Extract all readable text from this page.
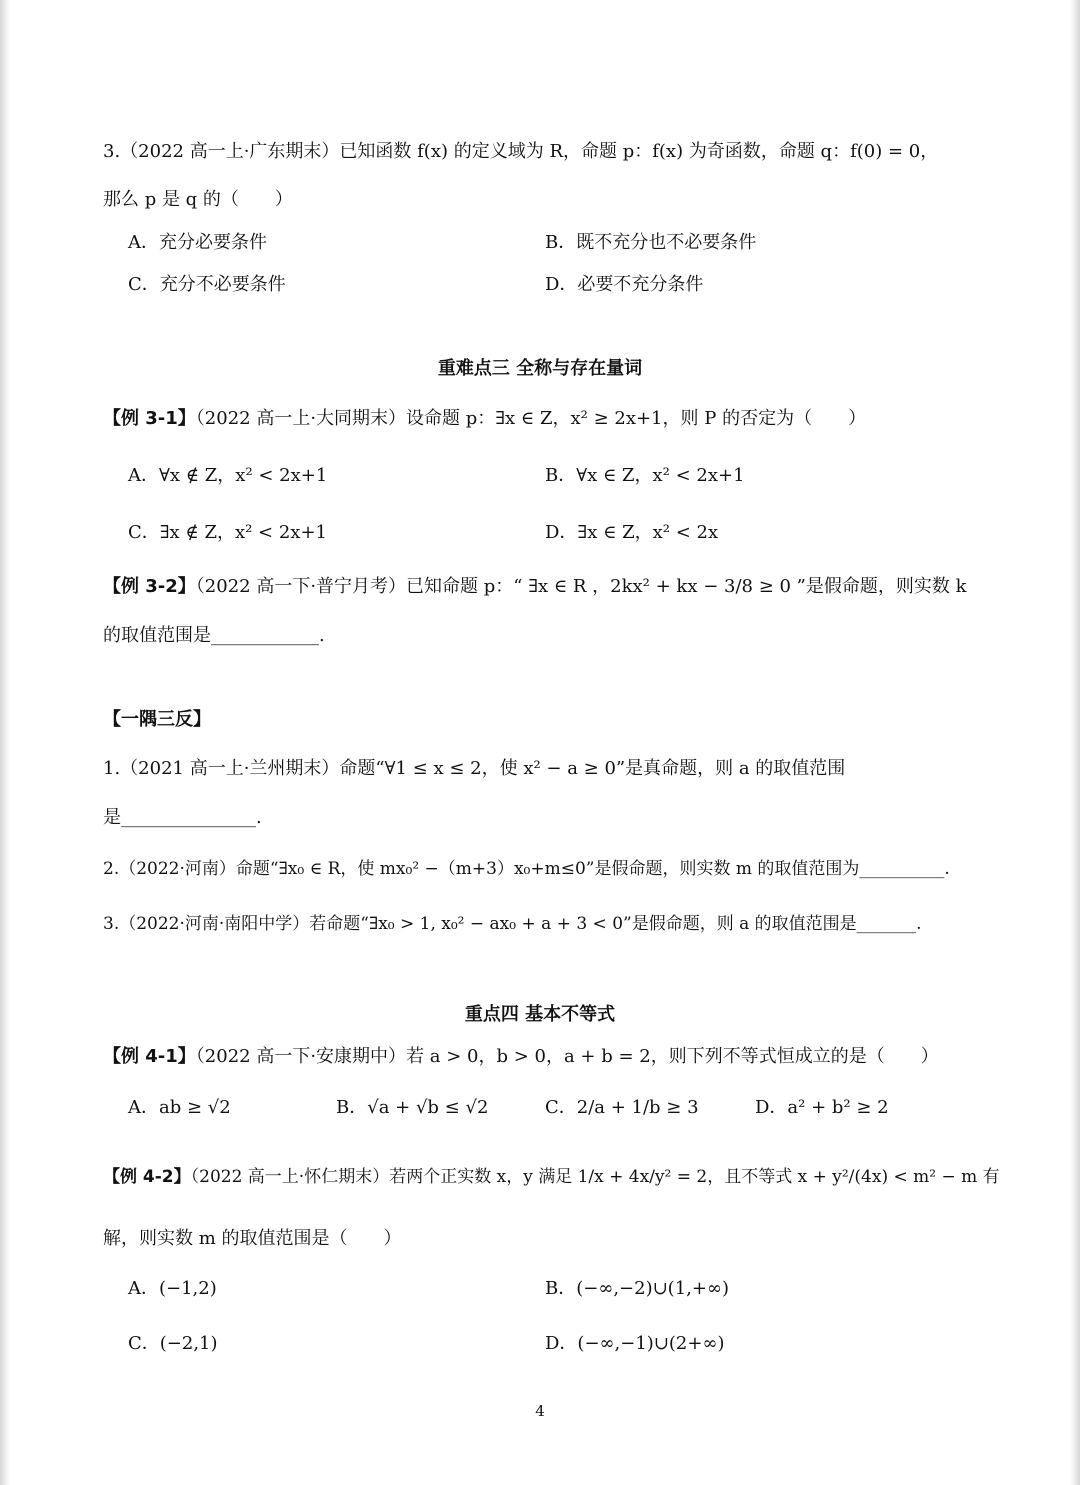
3.（2022 高一上·广东期末）已知函数 f(x) 的定义域为 R，命题 p：f(x) 为奇函数，命题 q：f(0) = 0，
那么 p 是 q 的（　　）
A．充分必要条件	B．既不充分也不必要条件
C．充分不必要条件	D．必要不充分条件
重难点三 全称与存在量词
【例 3-1】（2022 高一上·大同期末）设命题 p：∃x ∈ Z，x² ≥ 2x+1，则 P 的否定为（　　）
A．∀x ∉ Z，x² < 2x+1	B．∀x ∈ Z，x² < 2x+1
C．∃x ∉ Z，x² < 2x+1	D．∃x ∈ Z，x² < 2x
【例 3-2】（2022 高一下·普宁月考）已知命题 p：“ ∃x ∈ R ，2kx² + kx − 3/8 ≥ 0 ”是假命题，则实数 k
的取值范围是____________.
【一隅三反】
1.（2021 高一上·兰州期末）命题“∀1 ≤ x ≤ 2，使 x² − a ≥ 0”是真命题，则 a 的取值范围
是_______________.
2.（2022·河南）命题“∃x₀ ∈ R，使 mx₀² −（m+3）x₀+m≤0”是假命题，则实数 m 的取值范围为__________.
3.（2022·河南·南阳中学）若命题“∃x₀ > 1, x₀² − ax₀ + a + 3 < 0”是假命题，则 a 的取值范围是_______.
重点四 基本不等式
【例 4-1】（2022 高一下·安康期中）若 a > 0，b > 0，a + b = 2，则下列不等式恒成立的是（　　）
A．ab ≥ √2	B．√a + √b ≤ √2	C．2/a + 1/b ≥ 3	D．a² + b² ≥ 2
【例 4-2】（2022 高一上·怀仁期末）若两个正实数 x，y 满足 1/x + 4x/y² = 2，且不等式 x + y²/(4x) < m² − m 有
解，则实数 m 的取值范围是（　　）
A．(−1,2)	B．(−∞,−2)∪(1,+∞)
C．(−2,1)	D．(−∞,−1)∪(2+∞)
4
